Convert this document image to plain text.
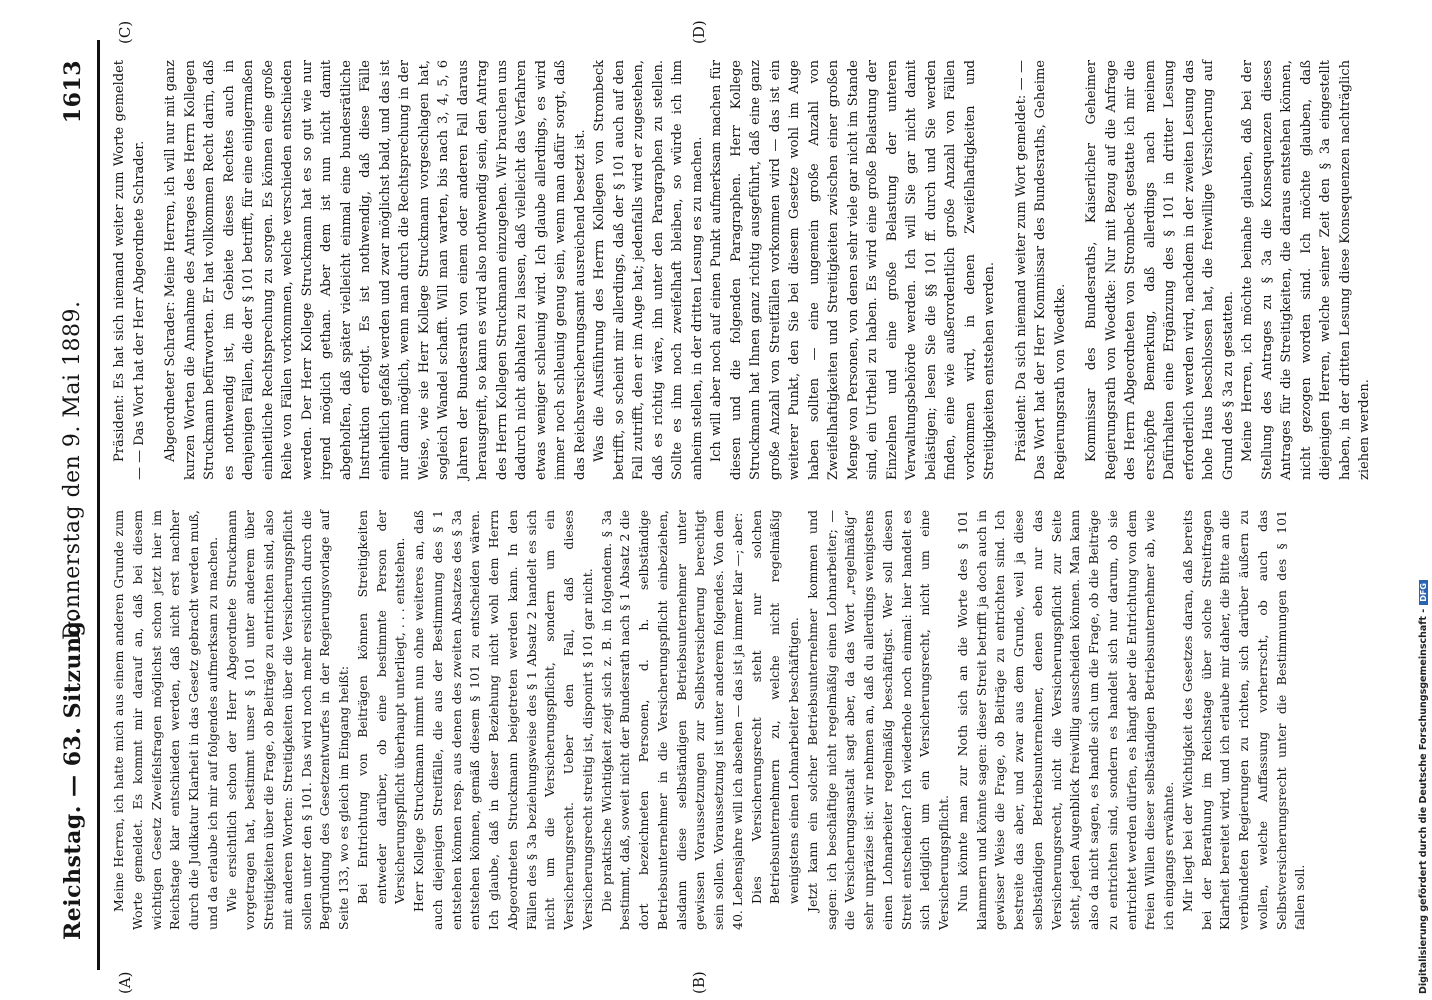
Reichstag. — 63. Sitzung.
Donnerstag den 9. Mai 1889.
1613
(A)	(B)
(C)	(D)

Meine Herren, ich hatte mich aus einem anderen Grunde zum Worte gemeldet. Es kommt mir darauf an, daß bei diesem wichtigen Gesetz Zweifelsfragen möglichst schon jetzt hier im Reichstage klar entschieden werden, daß nicht erst nachher durch die Judikatur Klarheit in das Gesetz gebracht werden muß, und da erlaube ich mir auf folgendes aufmerksam zu machen. Wie ersichtlich schon der Herr Abgeordnete Struckmann vorgetragen hat, bestimmt unser § 101 unter anderem über Streitigkeiten über die Frage, ob Beiträge zu entrichten sind, also mit anderen Worten: Streitigkeiten über die Versicherungspflicht sollen unter den § 101. Das wird noch mehr ersichtlich durch die Begründung des Gesetzentwurfes in der Regierungsvorlage auf Seite 133, wo es gleich im Eingang heißt: Bei Entrichtung von Beiträgen können Streitigkeiten entweder darüber, ob eine bestimmte Person der Versicherungspflicht überhaupt unterliegt, . . . entstehen. Herr Kollege Struckmann nimmt nun ohne weiteres an, daß auch diejenigen Streitfälle, die aus der Bestimmung des § 1 entstehen können resp. aus denen des zweiten Absatzes des § 3a entstehen können, gemäß diesem § 101 zu entscheiden wären. Ich glaube, daß in dieser Beziehung nicht wohl dem Herrn Abgeordneten Struckmann beigetreten werden kann. In den Fällen des § 3a beziehungsweise des § 1 Absatz 2 handelt es sich nicht um die Versicherungspflicht, sondern um ein Versicherungsrecht. Ueber den Fall, daß dieses Versicherungsrecht streitig ist, disponirt § 101 gar nicht. Die praktische Wichtigkeit zeigt sich z. B. in folgendem. § 3a bestimmt, daß, soweit nicht der Bundesrath nach § 1 Absatz 2 die dort bezeichneten Personen, d. h. selbständige Betriebsunternehmer in die Versicherungspflicht einbeziehen, alsdann diese selbständigen Betriebsunternehmer unter gewissen Voraussetzungen zur Selbstversicherung berechtigt sein sollen. Voraussetzung ist unter anderem folgendes. Von dem 40. Lebensjahre will ich absehen — das ist ja immer klar —; aber: Dies Versicherungsrecht steht nur solchen Betriebsunternehmern zu, welche nicht regelmäßig wenigstens einen Lohnarbeiter beschäftigen. Jetzt kann ein solcher Betriebsunternehmer kommen und sagen: ich beschäftige nicht regelmäßig einen Lohnarbeiter; — die Versicherungsanstalt sagt aber, da das Wort „regelmäßig“ sehr unpräzise ist: wir nehmen an, daß du allerdings wenigstens einen Lohnarbeiter regelmäßig beschäftigst. Wer soll diesen Streit entscheiden? Ich wiederhole noch einmal: hier handelt es sich lediglich um ein Versicherungsrecht, nicht um eine Versicherungspflicht. Nun könnte man zur Noth sich an die Worte des § 101 klammern und könnte sagen: dieser Streit betrifft ja doch auch in gewisser Weise die Frage, ob Beiträge zu entrichten sind. Ich bestreite das aber, und zwar aus dem Grunde, weil ja diese selbständigen Betriebsunternehmer, denen eben nur das Versicherungsrecht, nicht die Versicherungspflicht zur Seite steht, jeden Augenblick freiwillig ausscheiden können. Man kann also da nicht sagen, es handle sich um die Frage, ob die Beiträge zu entrichten sind, sondern es handelt sich nur darum, ob sie entrichtet werden dürfen, es hängt aber die Entrichtung von dem freien Willen dieser selbständigen Betriebsunternehmer ab, wie ich eingangs erwähnte. Mir liegt bei der Wichtigkeit des Gesetzes daran, daß bereits bei der Berathung im Reichstage über solche Streitfragen Klarheit bereitet wird, und ich erlaube mir daher, die Bitte an die verbündeten Regierungen zu richten, sich darüber äußern zu wollen, welche Auffassung vorherrscht, ob auch das Selbstversicherungsrecht unter die Bestimmungen des § 101 fallen soll.

Präsident: Es hat sich niemand weiter zum Worte gemeldet — — Das Wort hat der Herr Abgeordnete Schrader. Abgeordneter Schrader: Meine Herren, ich will nur mit ganz kurzen Worten die Annahme des Antrages des Herrn Kollegen Struckmann befürworten. Er hat vollkommen Recht darin, daß es nothwendig ist, im Gebiete dieses Rechtes auch in denjenigen Fällen, die der § 101 betrifft, für eine einigermaßen einheitliche Rechtsprechung zu sorgen. Es können eine große Reihe von Fällen vorkommen, welche verschieden entschieden werden. Der Herr Kollege Struckmann hat es so gut wie nur irgend möglich gethan. Aber dem ist nun nicht damit abgeholfen, daß später vielleicht einmal eine bundesrätliche Instruktion erfolgt. Es ist nothwendig, daß diese Fälle einheitlich gefaßt werden und zwar möglichst bald, und das ist nur dann möglich, wenn man durch die Rechtsprechung in der Weise, wie sie Herr Kollege Struckmann vorgeschlagen hat, sogleich Wandel schafft. Will man warten, bis nach 3, 4, 5, 6 Jahren der Bundesrath von einem oder anderen Fall daraus herausgreift, so kann es wird also nothwendig sein, den Antrag des Herrn Kollegen Struckmann einzugehen. Wir brauchen uns dadurch nicht abhalten zu lassen, daß vielleicht das Verfahren etwas weniger schleunig wird. Ich glaube allerdings, es wird immer noch schleunig genug sein, wenn man dafür sorgt, daß das Reichsversicherungsamt ausreichend besetzt ist. Was die Ausführung des Herrn Kollegen von Strombeck betrifft, so scheint mir allerdings, daß der § 101 auch auf den Fall zutrifft, den er im Auge hat; jedenfalls wird er zugestehen, daß es richtig wäre, ihn unter den Paragraphen zu stellen. Sollte es ihm noch zweifelhaft bleiben, so würde ich ihm anheim stellen, in der dritten Lesung es zu machen. Ich will aber noch auf einen Punkt aufmerksam machen für diesen und die folgenden Paragraphen. Herr Kollege Struckmann hat Ihnen ganz richtig ausgeführt, daß eine ganz große Anzahl von Streitfällen vorkommen wird — das ist ein weiterer Punkt, den Sie bei diesem Gesetze wohl im Auge haben sollten — eine ungemein große Anzahl von Zweifelhaftigkeiten und Streitigkeiten zwischen einer großen Menge von Personen, von denen sehr viele gar nicht im Stande sind, ein Urtheil zu haben. Es wird eine große Belastung der Einzelnen und eine große Belastung der unteren Verwaltungsbehörde werden. Ich will Sie gar nicht damit belästigen; lesen Sie die §§ 101 ff. durch und Sie werden finden, eine wie außerordentlich große Anzahl von Fällen vorkommen wird, in denen Zweifelhaftigkeiten und Streitigkeiten entstehen werden. Präsident: Da sich niemand weiter zum Wort gemeldet: — — Das Wort hat der Herr Kommissar des Bundesraths, Geheime Regierungsrath von Woedtke. Kommissar des Bundesraths, Kaiserlicher Geheimer Regierungsrath von Woedtke: Nur mit Bezug auf die Anfrage des Herrn Abgeordneten von Strombeck gestatte ich mir die erschöpfte Bemerkung, daß allerdings nach meinem Dafürhalten eine Ergänzung des § 101 in dritter Lesung erforderlich werden wird, nachdem in der zweiten Lesung das hohe Haus beschlossen hat, die freiwillige Versicherung auf Grund des § 3a zu gestatten. Meine Herren, ich möchte beinahe glauben, daß bei der Stellung des Antrages zu § 3a die Konsequenzen dieses Antrages für die Streitigkeiten, die daraus entstehen können, nicht gezogen worden sind. Ich möchte glauben, daß diejenigen Herren, welche seiner Zeit den § 3a eingestellt haben, in der dritten Lesung diese Konsequenzen nachträglich ziehen werden.

Digitalisierung gefördert durch die Deutsche Forschungsgemeinschaft -DFG
